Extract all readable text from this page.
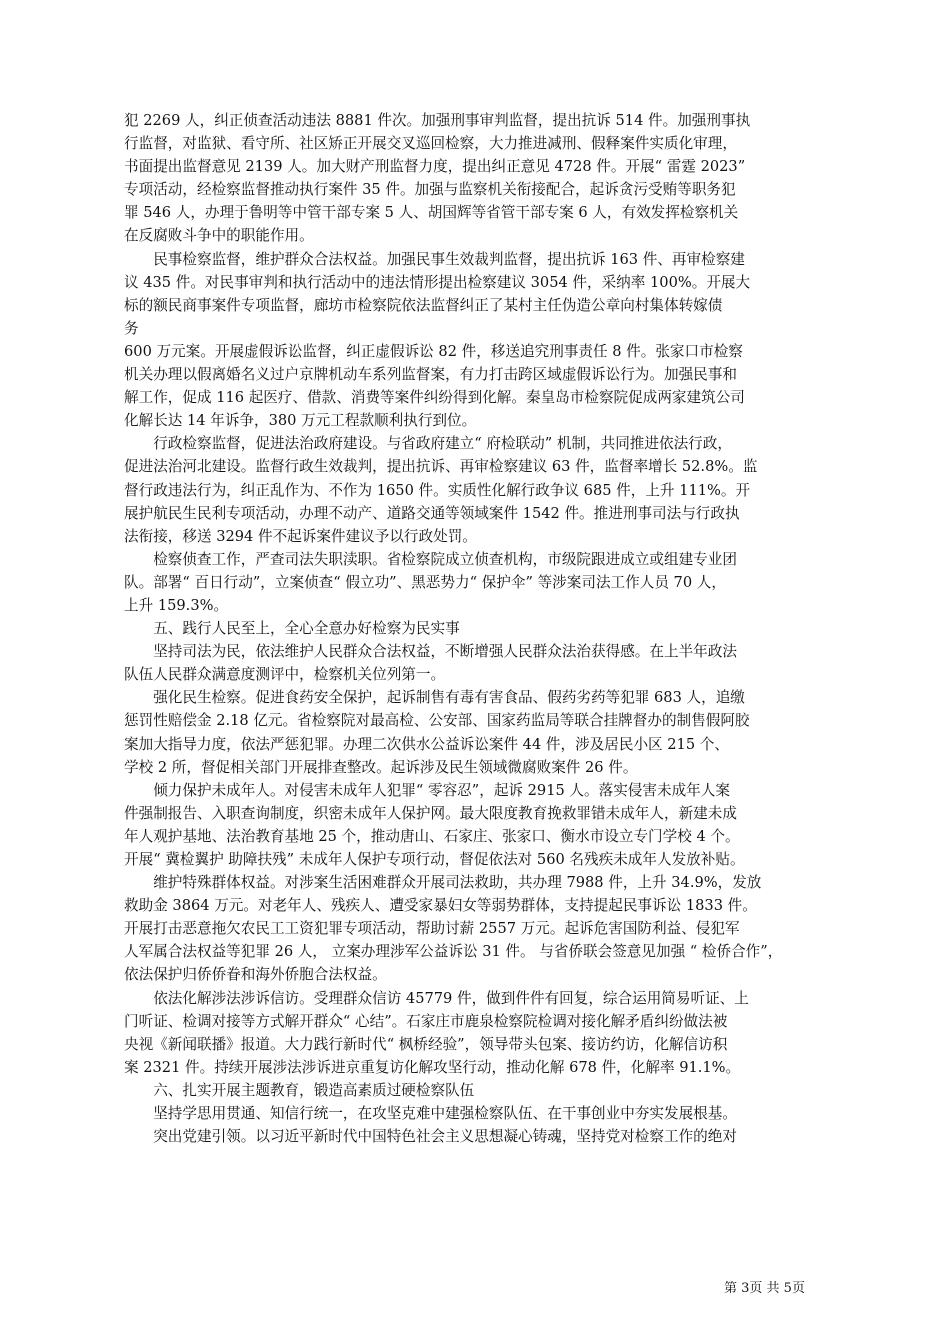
犯 2269 人，纠正侦查活动违法 8881 件次。加强刑事审判监督，提出抗诉 514 件。加强刑事执
行监督，对监狱、看守所、社区矫正开展交叉巡回检察，大力推进减刑、假释案件实质化审理，
书面提出监督意见 2139 人。加大财产刑监督力度，提出纠正意见 4728 件。开展“ 雷霆 2023”
专项活动，经检察监督推动执行案件 35 件。加强与监察机关衔接配合，起诉贪污受贿等职务犯
罪 546 人，办理于鲁明等中管干部专案 5 人、胡国辉等省管干部专案 6 人，有效发挥检察机关
在反腐败斗争中的职能作用。
　　民事检察监督，维护群众合法权益。加强民事生效裁判监督，提出抗诉 163 件、再审检察建
议 435 件。对民事审判和执行活动中的违法情形提出检察建议 3054 件，采纳率 100%。开展大
标的额民商事案件专项监督，廊坊市检察院依法监督纠正了某村主任伪造公章向村集体转嫁债
务
600 万元案。开展虚假诉讼监督，纠正虚假诉讼 82 件，移送追究刑事责任 8 件。张家口市检察
机关办理以假离婚名义过户京牌机动车系列监督案，有力打击跨区域虚假诉讼行为。加强民事和
解工作，促成 116 起医疗、借款、消费等案件纠纷得到化解。秦皇岛市检察院促成两家建筑公司
化解长达 14 年诉争，380 万元工程款顺利执行到位。
　　行政检察监督，促进法治政府建设。与省政府建立“ 府检联动” 机制，共同推进依法行政，
促进法治河北建设。监督行政生效裁判，提出抗诉、再审检察建议 63 件，监督率增长 52.8%。监
督行政违法行为，纠正乱作为、不作为 1650 件。实质性化解行政争议 685 件，上升 111%。开
展护航民生民利专项活动，办理不动产、道路交通等领域案件 1542 件。推进刑事司法与行政执
法衔接，移送 3294 件不起诉案件建议予以行政处罚。
　　检察侦查工作，严查司法失职渎职。省检察院成立侦查机构，市级院跟进成立或组建专业团
队。部署“ 百日行动”，立案侦查“ 假立功”、黑恶势力“ 保护伞” 等涉案司法工作人员 70 人，
上升 159.3%。
　　五、践行人民至上，全心全意办好检察为民实事
　　坚持司法为民，依法维护人民群众合法权益，不断增强人民群众法治获得感。在上半年政法
队伍人民群众满意度测评中，检察机关位列第一。
　　强化民生检察。促进食药安全保护，起诉制售有毒有害食品、假药劣药等犯罪 683 人，追缴
惩罚性赔偿金 2.18 亿元。省检察院对最高检、公安部、国家药监局等联合挂牌督办的制售假阿胶
案加大指导力度，依法严惩犯罪。办理二次供水公益诉讼案件 44 件，涉及居民小区 215 个、
学校 2 所，督促相关部门开展排查整改。起诉涉及民生领域微腐败案件 26 件。
　　倾力保护未成年人。对侵害未成年人犯罪“ 零容忍”，起诉 2915 人。落实侵害未成年人案
件强制报告、入职查询制度，织密未成年人保护网。最大限度教育挽救罪错未成年人，新建未成
年人观护基地、法治教育基地 25 个，推动唐山、石家庄、张家口、衡水市设立专门学校 4 个。
开展“ 冀检翼护 助障扶残” 未成年人保护专项行动，督促依法对 560 名残疾未成年人发放补贴。
　　维护特殊群体权益。对涉案生活困难群众开展司法救助，共办理 7988 件，上升 34.9%，发放
救助金 3864 万元。对老年人、残疾人、遭受家暴妇女等弱势群体，支持提起民事诉讼 1833 件。
开展打击恶意拖欠农民工工资犯罪专项活动，帮助讨薪 2557 万元。起诉危害国防利益、侵犯军
人军属合法权益等犯罪 26 人， 立案办理涉军公益诉讼 31 件。 与省侨联会签意见加强 “ 检侨合作”，
依法保护归侨侨眷和海外侨胞合法权益。
　　依法化解涉法涉诉信访。受理群众信访 45779 件，做到件件有回复，综合运用简易听证、上
门听证、检调对接等方式解开群众“ 心结”。石家庄市鹿泉检察院检调对接化解矛盾纠纷做法被
央视《新闻联播》报道。大力践行新时代“ 枫桥经验”，领导带头包案、接访约访，化解信访积
案 2321 件。持续开展涉法涉诉进京重复访化解攻坚行动，推动化解 678 件，化解率 91.1%。
　　六、扎实开展主题教育，锻造高素质过硬检察队伍
　　坚持学思用贯通、知信行统一，在攻坚克难中建强检察队伍、在干事创业中夯实发展根基。
　　突出党建引领。以习近平新时代中国特色社会主义思想凝心铸魂，坚持党对检察工作的绝对
第 3页 共 5页
